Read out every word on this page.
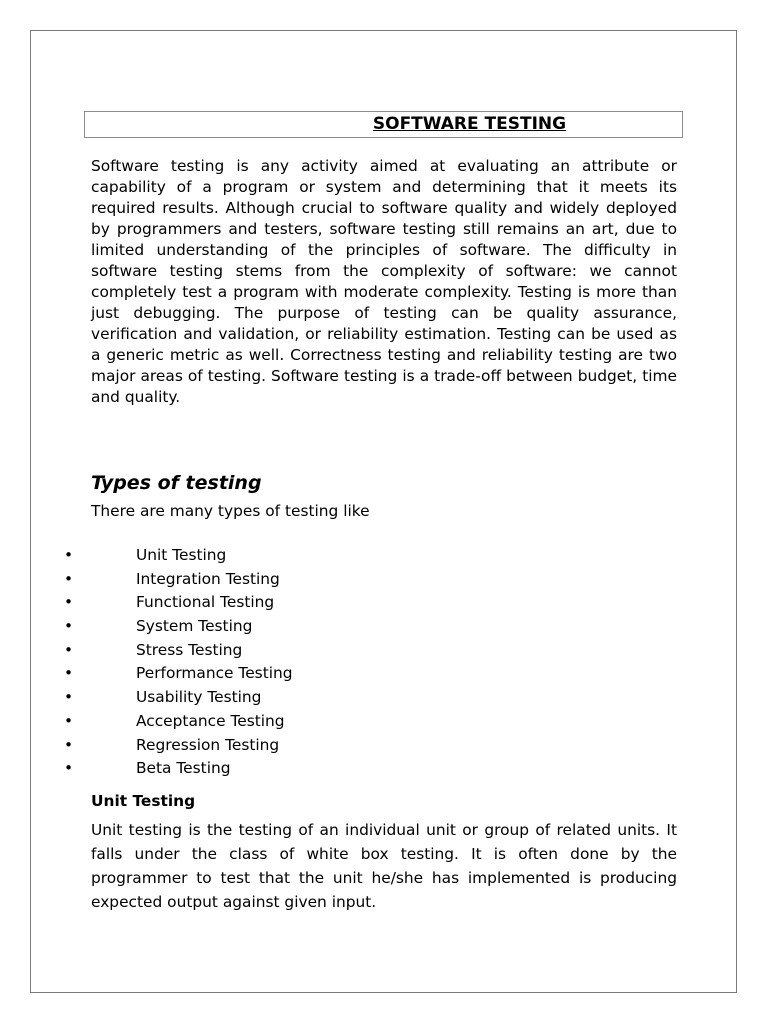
SOFTWARE TESTING

Software testing is any activity aimed at evaluating an attribute or capability of a program or system and determining that it meets its required results. Although crucial to software quality and widely deployed by programmers and testers, software testing still remains an art, due to limited understanding of the principles of software. The difficulty in software testing stems from the complexity of software: we cannot completely test a program with moderate complexity. Testing is more than just debugging. The purpose of testing can be quality assurance, verification and validation, or reliability estimation. Testing can be used as a generic metric as well. Correctness testing and reliability testing are two major areas of testing. Software testing is a trade-off between budget, time and quality.

Types of testing

There are many types of testing like

•	Unit Testing
•	Integration Testing
•	Functional Testing
•	System Testing
•	Stress Testing
•	Performance Testing
•	Usability Testing
•	Acceptance Testing
•	Regression Testing
•	Beta Testing
Unit Testing

Unit testing is the testing of an individual unit or group of related units. It falls under the class of white box testing. It is often done by the programmer to test that the unit he/she has implemented is producing expected output against given input.
